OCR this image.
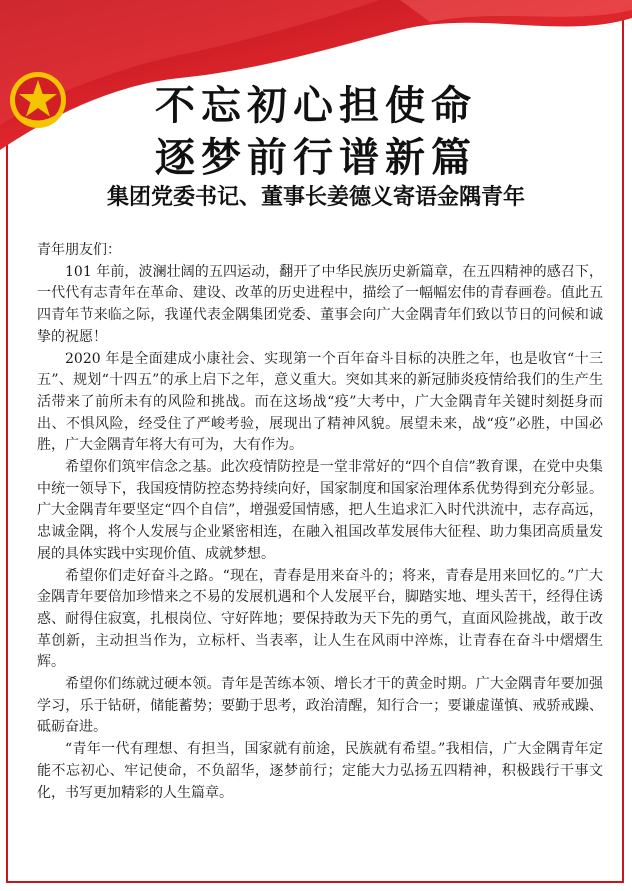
不忘初心担使命
逐梦前行谱新篇
集团党委书记、董事长姜德义寄语金隅青年

青年朋友们：

101 年前，波澜壮阔的五四运动，翻开了中华民族历史新篇章，在五四精神的感召下，一代代有志青年在革命、建设、改革的历史进程中，描绘了一幅幅宏伟的青春画卷。值此五四青年节来临之际，我谨代表金隅集团党委、董事会向广大金隅青年们致以节日的问候和诚挚的祝愿！

2020 年是全面建成小康社会、实现第一个百年奋斗目标的决胜之年，也是收官“十三五”、规划“十四五”的承上启下之年，意义重大。突如其来的新冠肺炎疫情给我们的生产生活带来了前所未有的风险和挑战。而在这场战“疫”大考中，广大金隅青年关键时刻挺身而出、不惧风险，经受住了严峻考验，展现出了精神风貌。展望未来，战“疫”必胜，中国必胜，广大金隅青年将大有可为，大有作为。

希望你们筑牢信念之基。此次疫情防控是一堂非常好的“四个自信”教育课，在党中央集中统一领导下，我国疫情防控态势持续向好，国家制度和国家治理体系优势得到充分彰显。广大金隅青年要坚定“四个自信”，增强爱国情感，把人生追求汇入时代洪流中，志存高远，忠诚金隅，将个人发展与企业紧密相连，在融入祖国改革发展伟大征程、助力集团高质量发展的具体实践中实现价值、成就梦想。

希望你们走好奋斗之路。“现在，青春是用来奋斗的；将来，青春是用来回忆的。”广大金隅青年要倍加珍惜来之不易的发展机遇和个人发展平台，脚踏实地、埋头苦干，经得住诱惑、耐得住寂寞，扎根岗位、守好阵地；要保持敢为天下先的勇气，直面风险挑战，敢于改革创新，主动担当作为，立标杆、当表率，让人生在风雨中淬炼，让青春在奋斗中熠熠生辉。

希望你们练就过硬本领。青年是苦练本领、增长才干的黄金时期。广大金隅青年要加强学习，乐于钻研，储能蓄势；要勤于思考，政治清醒，知行合一；要谦虚谨慎、戒骄戒躁、砥砺奋进。

“青年一代有理想、有担当，国家就有前途，民族就有希望。”我相信，广大金隅青年定能不忘初心、牢记使命，不负韶华，逐梦前行；定能大力弘扬五四精神，积极践行干事文化，书写更加精彩的人生篇章。
